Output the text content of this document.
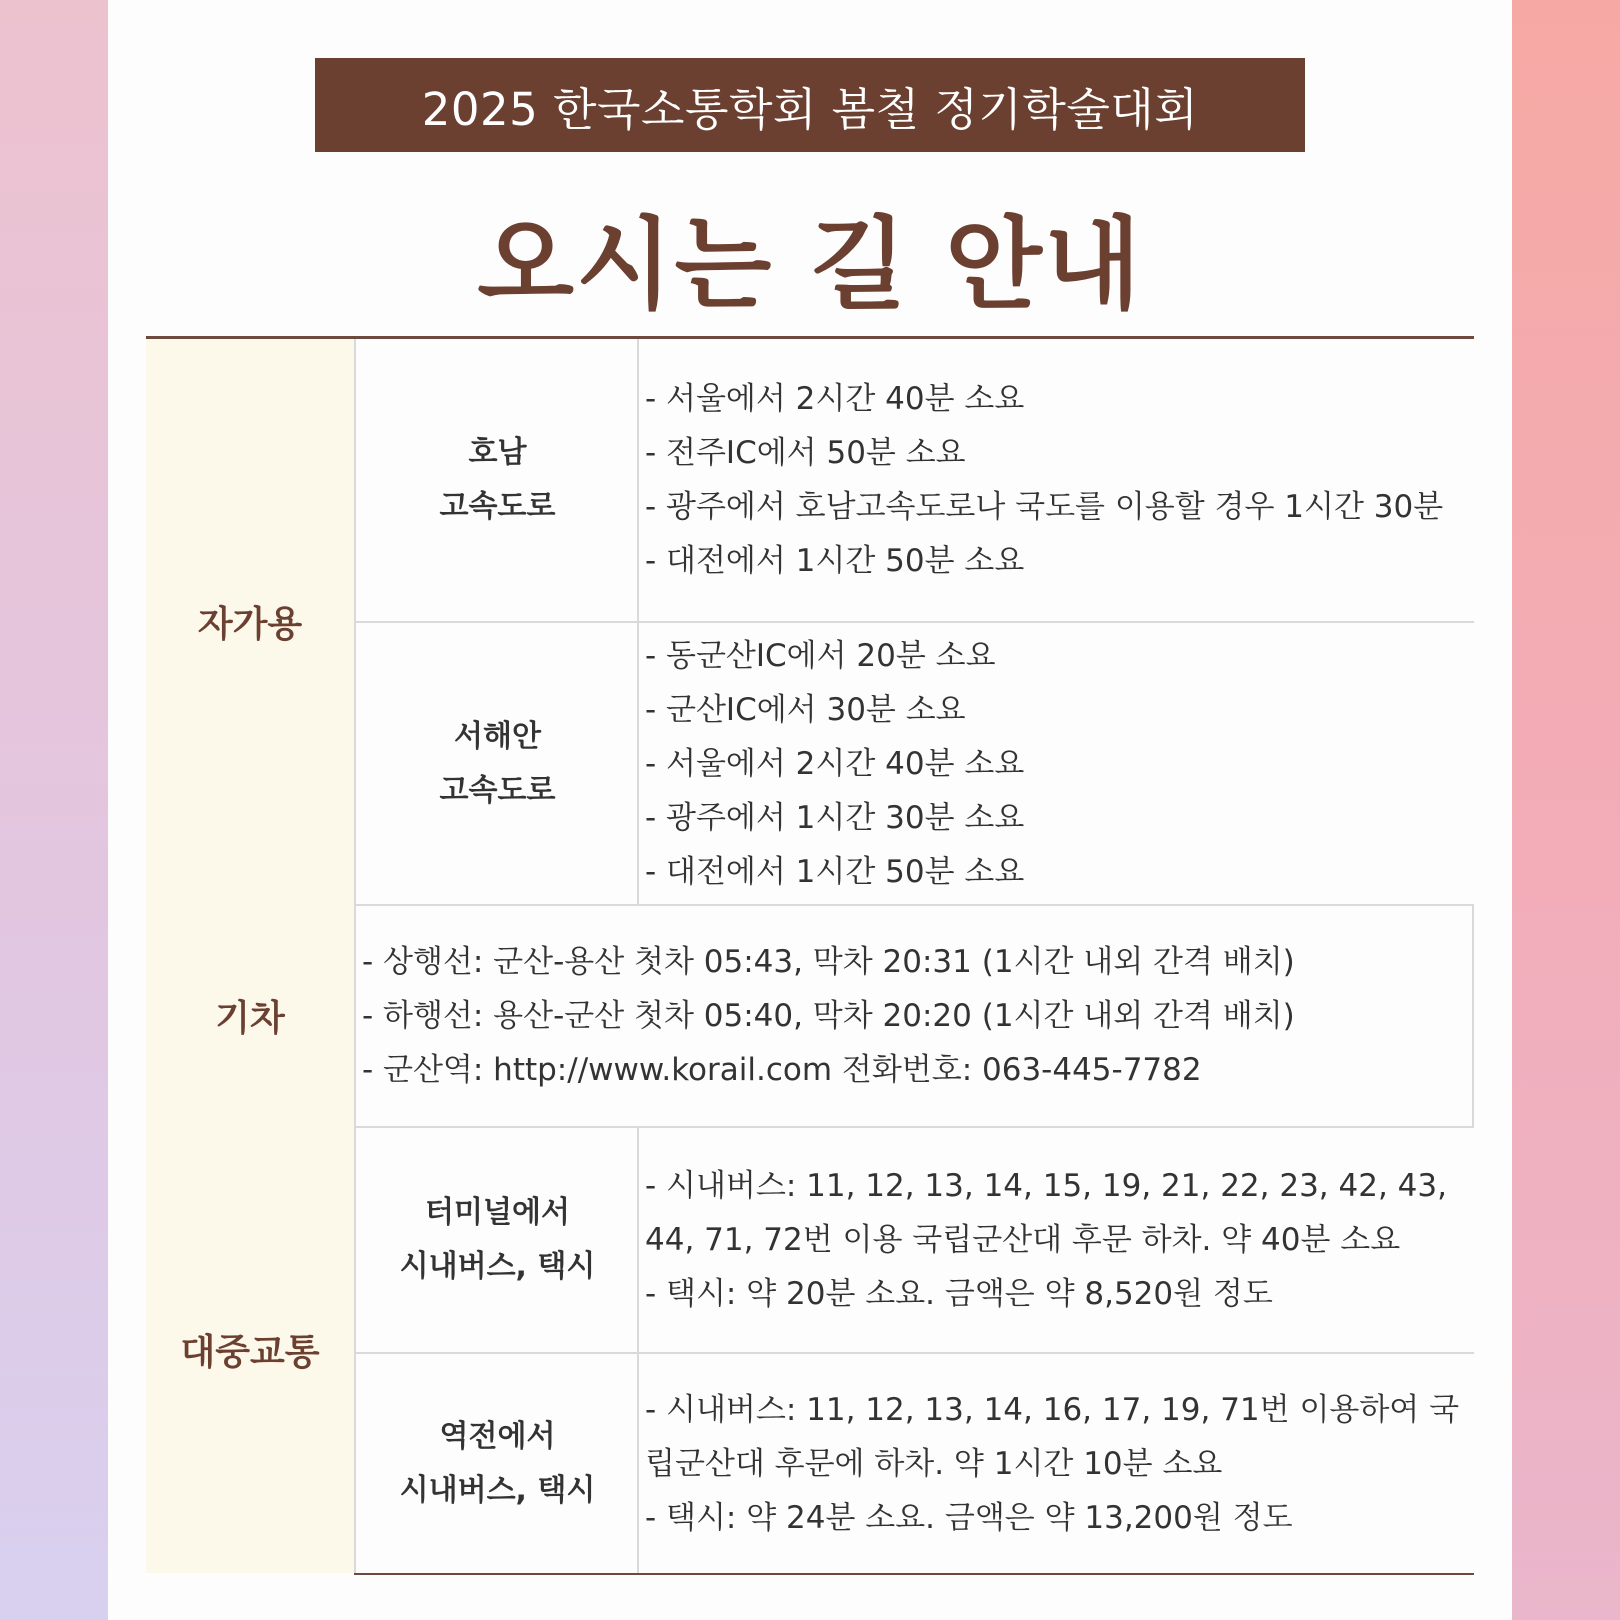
2025 한국소통학회 봄철 정기학술대회
오시는 길 안내
자가용
호남
고속도로
- 서울에서 2시간 40분 소요
- 전주IC에서 50분 소요
- 광주에서 호남고속도로나 국도를 이용할 경우 1시간 30분
- 대전에서 1시간 50분 소요
서해안
고속도로
- 동군산IC에서 20분 소요
- 군산IC에서 30분 소요
- 서울에서 2시간 40분 소요
- 광주에서 1시간 30분 소요
- 대전에서 1시간 50분 소요
기차
- 상행선: 군산-용산 첫차 05:43, 막차 20:31 (1시간 내외 간격 배치)
- 하행선: 용산-군산 첫차 05:40, 막차 20:20 (1시간 내외 간격 배치)
- 군산역: http://www.korail.com 전화번호: 063-445-7782
대중교통
터미널에서
시내버스, 택시
- 시내버스: 11, 12, 13, 14, 15, 19, 21, 22, 23, 42, 43, 44, 71, 72번 이용 국립군산대 후문 하차. 약 40분 소요
- 택시: 약 20분 소요. 금액은 약 8,520원 정도
역전에서
시내버스, 택시
- 시내버스: 11, 12, 13, 14, 16, 17, 19, 71번 이용하여 국립군산대 후문에 하차. 약 1시간 10분 소요
- 택시: 약 24분 소요. 금액은 약 13,200원 정도
